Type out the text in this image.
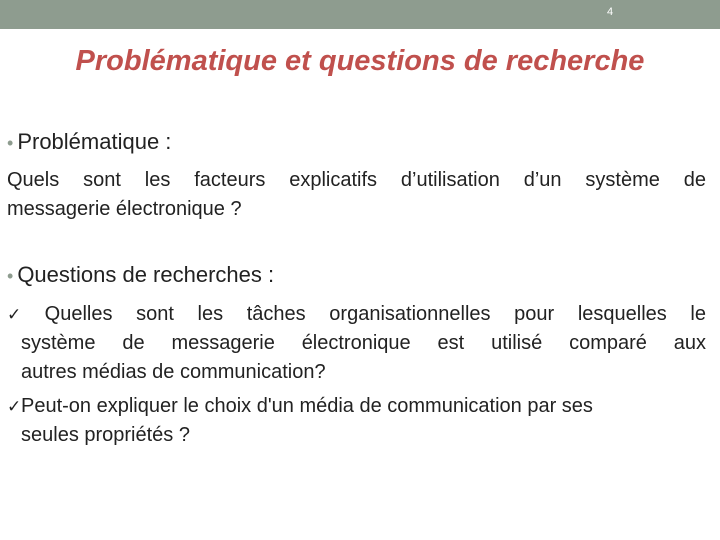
4
Problématique et questions de recherche
• Problématique :
Quels sont les facteurs explicatifs d’utilisation d’un système de
messagerie électronique ?
• Questions de recherches :
✓ Quelles sont les tâches organisationnelles pour lesquelles le
système de messagerie électronique est utilisé comparé aux
autres médias de communication?
✓Peut-on expliquer le choix d'un média de communication par ses
seules propriétés ?
